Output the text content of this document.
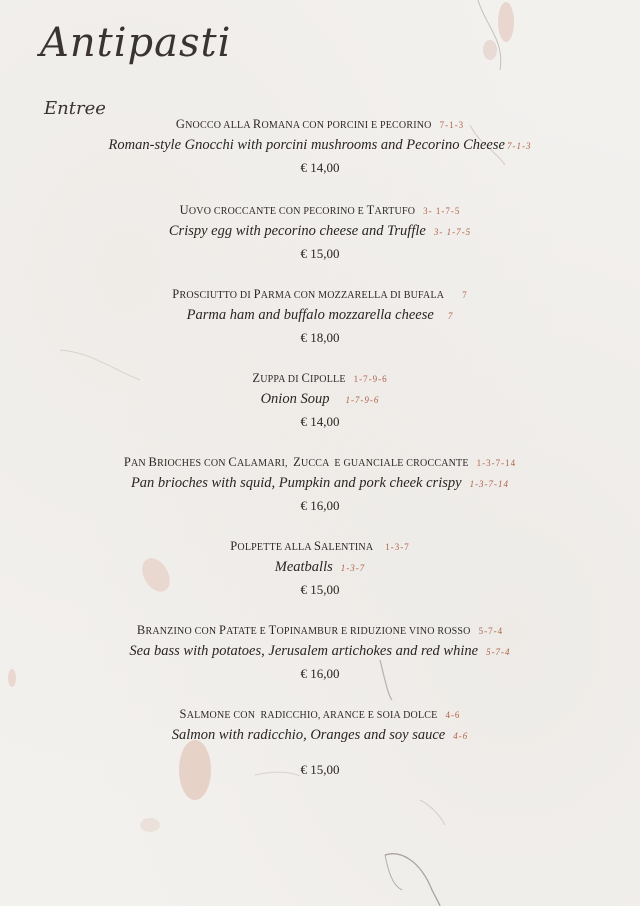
Antipasti
Entree
GNOCCO ALLA ROMANA CON PORCINI E PECORINO 7-1-3
Roman-style Gnocchi with porcini mushrooms and Pecorino Cheese 7-1-3
€ 14,00
UOVO CROCCANTE CON PECORINO E TARTUFO 3- 1-7-5
Crispy egg with pecorino cheese and Truffle 3- 1-7-5
€ 15,00
PROSCIUTTO DI PARMA CON MOZZARELLA DI BUFALA 7
Parma ham and buffalo mozzarella cheese 7
€ 18,00
ZUPPA DI CIPOLLE 1-7-9-6
Onion Soup 1-7-9-6
€ 14,00
PAN BRIOCHES CON CALAMARI, ZUCCA E GUANCIALE CROCCANTE 1-3-7-14
Pan brioches with squid, Pumpkin and pork cheek crispy 1-3-7-14
€ 16,00
POLPETTE ALLA SALENTINA 1-3-7
Meatballs 1-3-7
€ 15,00
BRANZINO CON PATATE E TOPINAMBUR E RIDUZIONE VINO ROSSO 5-7-4
Sea bass with potatoes, Jerusalem artichokes and red whine 5-7-4
€ 16,00
SALMONE CON RADICCHIO, ARANCE E SOIA DOLCE 4-6
Salmon with radicchio, Oranges and soy sauce 4-6
€ 15,00
